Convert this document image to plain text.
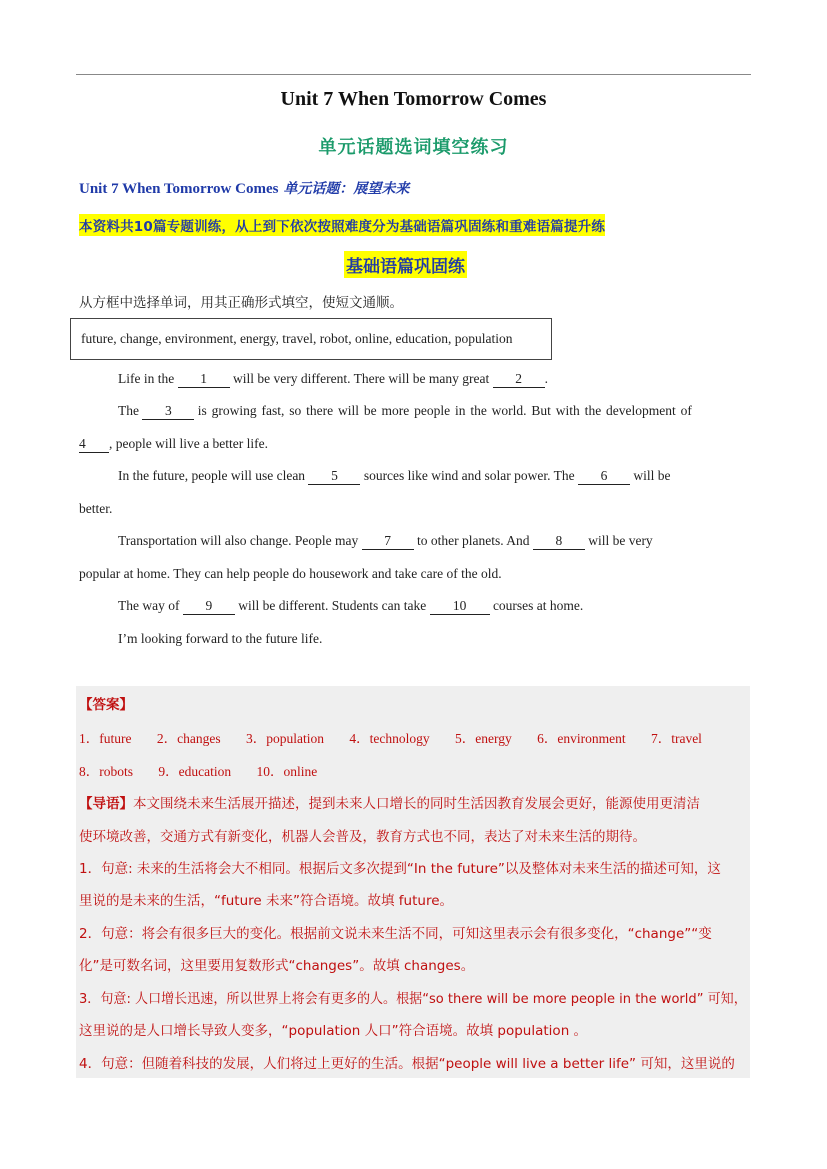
Unit 7 When Tomorrow Comes
单元话题选词填空练习
Unit 7 When Tomorrow Comes 单元话题：展望未来
本资料共10篇专题训练，从上到下依次按照难度分为基础语篇巩固练和重难语篇提升练
基础语篇巩固练
从方框中选择单词，用其正确形式填空，使短文通顺。
future, change, environment, energy, travel, robot, online, education, population
Life in the 1 will be very different. There will be many great 2 .
The 3 is growing fast, so there will be more people in the world. But with the development of
4 , people will live a better life.
In the future, people will use clean 5 sources like wind and solar power. The 6 will be
better.
Transportation will also change. People may 7 to other planets. And 8 will be very
popular at home. They can help people do housework and take care of the old.
The way of 9 will be different. Students can take 10 courses at home.
I’m looking forward to the future life.
【答案】
1．future 2．changes 3．population 4．technology 5．energy 6．environment 7．travel
8．robots 9．education 10．online
【导语】本文围绕未来生活展开描述，提到未来人口增长的同时生活因教育发展会更好，能源使用更清洁
使环境改善，交通方式有新变化，机器人会普及，教育方式也不同，表达了对未来生活的期待。
1．句意: 未来的生活将会大不相同。根据后文多次提到“In the future”以及整体对未来生活的描述可知，这
里说的是未来的生活，“future 未来”符合语境。故填 future。
2．句意：将会有很多巨大的变化。根据前文说未来生活不同，可知这里表示会有很多变化，“change”“变
化”是可数名词，这里要用复数形式“changes”。故填 changes。
3．句意: 人口增长迅速，所以世界上将会有更多的人。根据“so there will be more people in the world” 可知，
这里说的是人口增长导致人变多，“population 人口”符合语境。故填 population 。
4．句意：但随着科技的发展，人们将过上更好的生活。根据“people will live a better life” 可知，这里说的
